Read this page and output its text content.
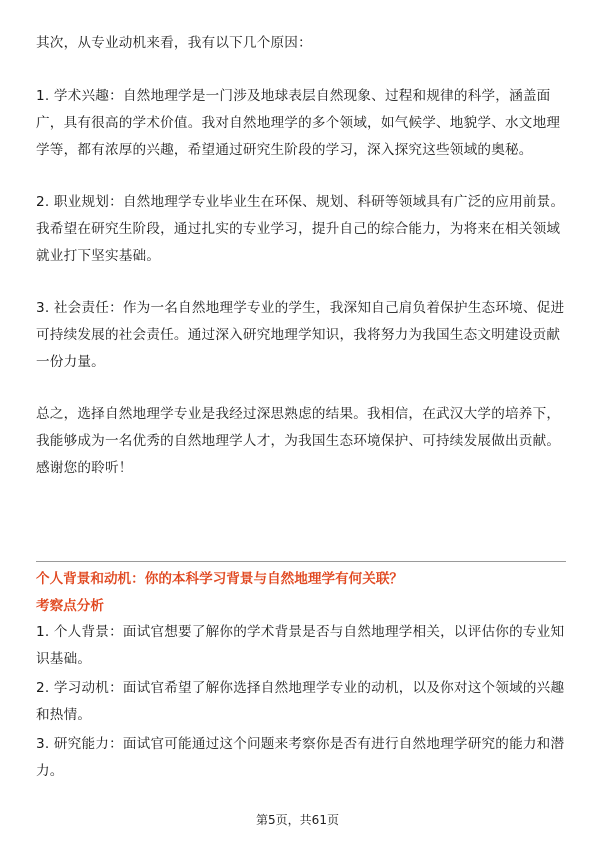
其次，从专业动机来看，我有以下几个原因：

1. 学术兴趣：自然地理学是一门涉及地球表层自然现象、过程和规律的科学，涵盖面广，具有很高的学术价值。我对自然地理学的多个领域，如气候学、地貌学、水文地理学等，都有浓厚的兴趣，希望通过研究生阶段的学习，深入探究这些领域的奥秘。

2. 职业规划：自然地理学专业毕业生在环保、规划、科研等领域具有广泛的应用前景。我希望在研究生阶段，通过扎实的专业学习，提升自己的综合能力，为将来在相关领域就业打下坚实基础。

3. 社会责任：作为一名自然地理学专业的学生，我深知自己肩负着保护生态环境、促进可持续发展的社会责任。通过深入研究地理学知识，我将努力为我国生态文明建设贡献一份力量。

总之，选择自然地理学专业是我经过深思熟虑的结果。我相信，在武汉大学的培养下，我能够成为一名优秀的自然地理学人才，为我国生态环境保护、可持续发展做出贡献。感谢您的聆听！

个人背景和动机：你的本科学习背景与自然地理学有何关联？

考察点分析

1. 个人背景：面试官想要了解你的学术背景是否与自然地理学相关，以评估你的专业知识基础。

2. 学习动机：面试官希望了解你选择自然地理学专业的动机，以及你对这个领域的兴趣和热情。

3. 研究能力：面试官可能通过这个问题来考察你是否有进行自然地理学研究的能力和潜力。

第5页，共61页
